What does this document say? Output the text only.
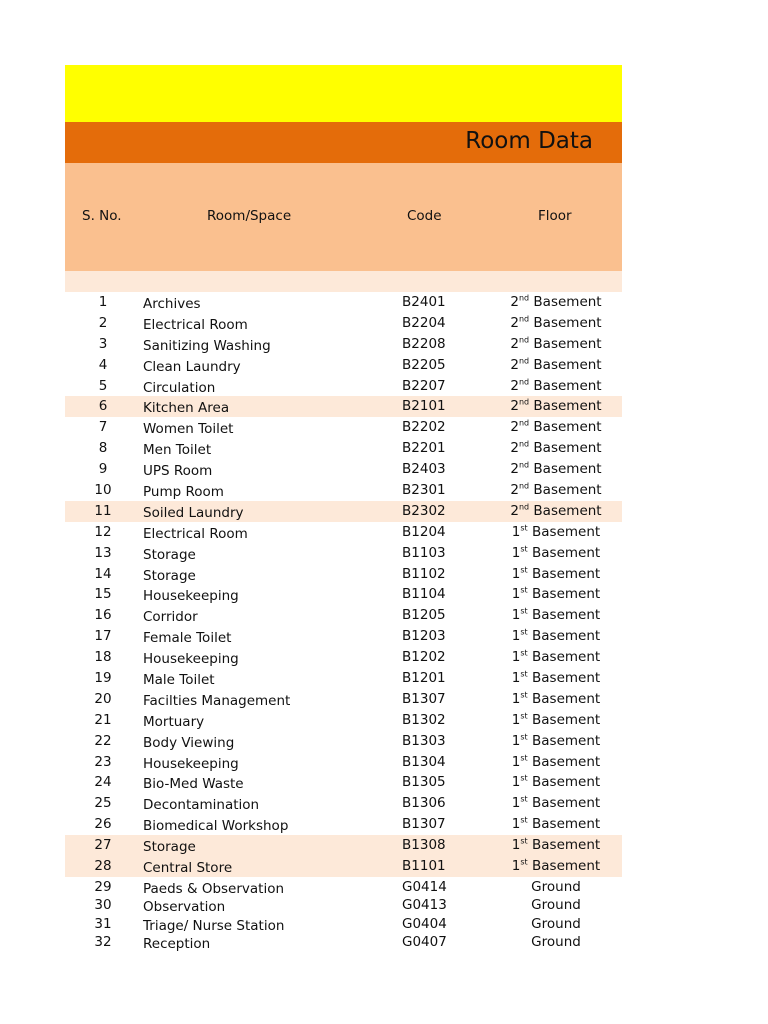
Room Data
S. No.	Room/Space	Code	Floor
1	Archives	B2401	2nd Basement
2	Electrical Room	B2204	2nd Basement
3	Sanitizing Washing	B2208	2nd Basement
4	Clean Laundry	B2205	2nd Basement
5	Circulation	B2207	2nd Basement
6	Kitchen Area	B2101	2nd Basement
7	Women Toilet	B2202	2nd Basement
8	Men Toilet	B2201	2nd Basement
9	UPS Room	B2403	2nd Basement
10	Pump Room	B2301	2nd Basement
11	Soiled Laundry	B2302	2nd Basement
12	Electrical Room	B1204	1st Basement
13	Storage	B1103	1st Basement
14	Storage	B1102	1st Basement
15	Housekeeping	B1104	1st Basement
16	Corridor	B1205	1st Basement
17	Female Toilet	B1203	1st Basement
18	Housekeeping	B1202	1st Basement
19	Male Toilet	B1201	1st Basement
20	Facilties Management	B1307	1st Basement
21	Mortuary	B1302	1st Basement
22	Body Viewing	B1303	1st Basement
23	Housekeeping	B1304	1st Basement
24	Bio-Med Waste	B1305	1st Basement
25	Decontamination	B1306	1st Basement
26	Biomedical Workshop	B1307	1st Basement
27	Storage	B1308	1st Basement
28	Central Store	B1101	1st Basement
29	Paeds & Observation	G0414	Ground
30	Observation	G0413	Ground
31	Triage/ Nurse Station	G0404	Ground
32	Reception	G0407	Ground
